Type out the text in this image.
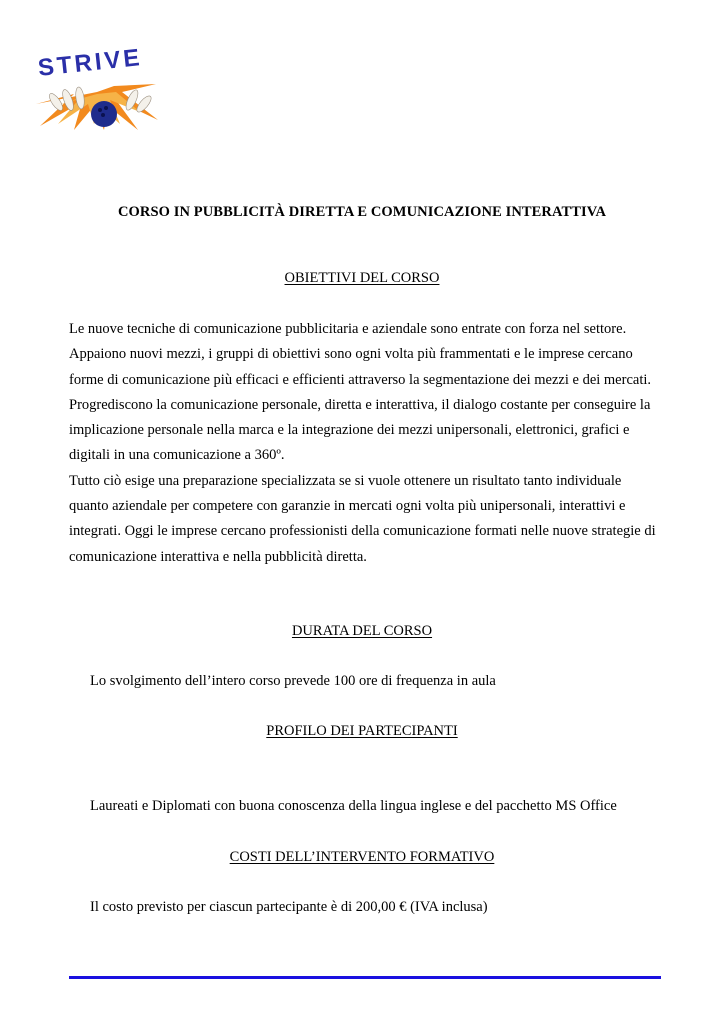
STRIVE
CORSO IN PUBBLICITÀ DIRETTA E COMUNICAZIONE INTERATTIVA
OBIETTIVI DEL CORSO

Le nuove tecniche di comunicazione pubblicitaria e aziendale sono entrate con forza nel settore. Appaiono nuovi mezzi, i gruppi di obiettivi sono ogni volta più frammentati e le imprese cercano forme di comunicazione più efficaci e efficienti attraverso la segmentazione dei mezzi e dei mercati. Progrediscono la comunicazione personale, diretta e interattiva, il dialogo costante per conseguire la implicazione personale nella marca e la integrazione dei mezzi unipersonali, elettronici, grafici e digitali in una comunicazione a 360º.

Tutto ciò esige una preparazione specializzata se si vuole ottenere un risultato tanto individuale quanto aziendale per competere con garanzie in mercati ogni volta più unipersonali, interattivi e integrati. Oggi le imprese cercano professionisti della comunicazione formati nelle nuove strategie di comunicazione interattiva e nella pubblicità diretta.

DURATA DEL CORSO
Lo svolgimento dell’intero corso prevede 100 ore di frequenza in aula
PROFILO DEI PARTECIPANTI
Laureati e Diplomati con buona conoscenza della lingua inglese e del pacchetto MS Office
COSTI DELL’INTERVENTO FORMATIVO
Il costo previsto per ciascun partecipante è di 200,00 € (IVA inclusa)
